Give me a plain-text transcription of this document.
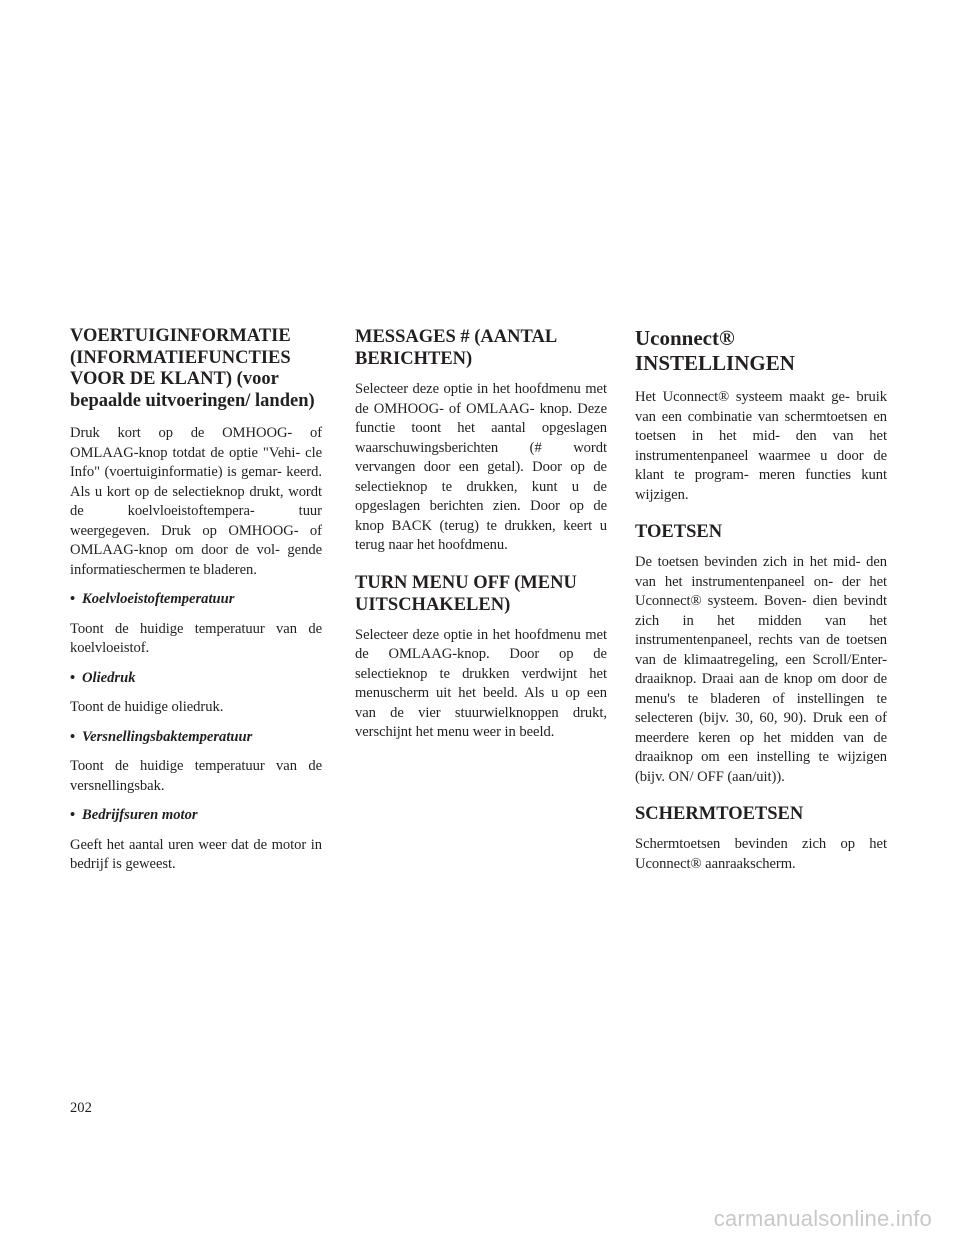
VOERTUIGINFORMATIE (INFORMATIEFUNCTIES VOOR DE KLANT) (voor bepaalde uitvoeringen/ landen)
Druk kort op de OMHOOG- of OMLAAG-knop totdat de optie "Vehi- cle Info" (voertuiginformatie) is gemar- keerd. Als u kort op de selectieknop drukt, wordt de koelvloeistoftempera- tuur weergegeven. Druk op OMHOOG- of OMLAAG-knop om door de vol- gende informatieschermen te bladeren.
• Koelvloeistoftemperatuur
Toont de huidige temperatuur van de koelvloeistof.
• Oliedruk
Toont de huidige oliedruk.
• Versnellingsbaktemperatuur
Toont de huidige temperatuur van de versnellingsbak.
• Bedrijfsuren motor
Geeft het aantal uren weer dat de motor in bedrijf is geweest.
MESSAGES # (AANTAL BERICHTEN)
Selecteer deze optie in het hoofdmenu met de OMHOOG- of OMLAAG- knop. Deze functie toont het aantal opgeslagen waarschuwingsberichten (# wordt vervangen door een getal). Door op de selectieknop te drukken, kunt u de opgeslagen berichten zien. Door op de knop BACK (terug) te drukken, keert u terug naar het hoofdmenu.
TURN MENU OFF (MENU UITSCHAKELEN)
Selecteer deze optie in het hoofdmenu met de OMLAAG-knop. Door op de selectieknop te drukken verdwijnt het menuscherm uit het beeld. Als u op een van de vier stuurwielknoppen drukt, verschijnt het menu weer in beeld.
Uconnect® INSTELLINGEN
Het Uconnect® systeem maakt ge- bruik van een combinatie van schermtoetsen en toetsen in het mid- den van het instrumentenpaneel waarmee u door de klant te program- meren functies kunt wijzigen.
TOETSEN
De toetsen bevinden zich in het mid- den van het instrumentenpaneel on- der het Uconnect® systeem. Boven- dien bevindt zich in het midden van het instrumentenpaneel, rechts van de toetsen van de klimaatregeling, een Scroll/Enter-draaiknop. Draai aan de knop om door de menu's te bladeren of instellingen te selecteren (bijv. 30, 60, 90). Druk een of meerdere keren op het midden van de draaiknop om een instelling te wijzigen (bijv. ON/ OFF (aan/uit)).
SCHERMTOETSEN
Schermtoetsen bevinden zich op het Uconnect® aanraakscherm.
202
carmanualsonline.info
